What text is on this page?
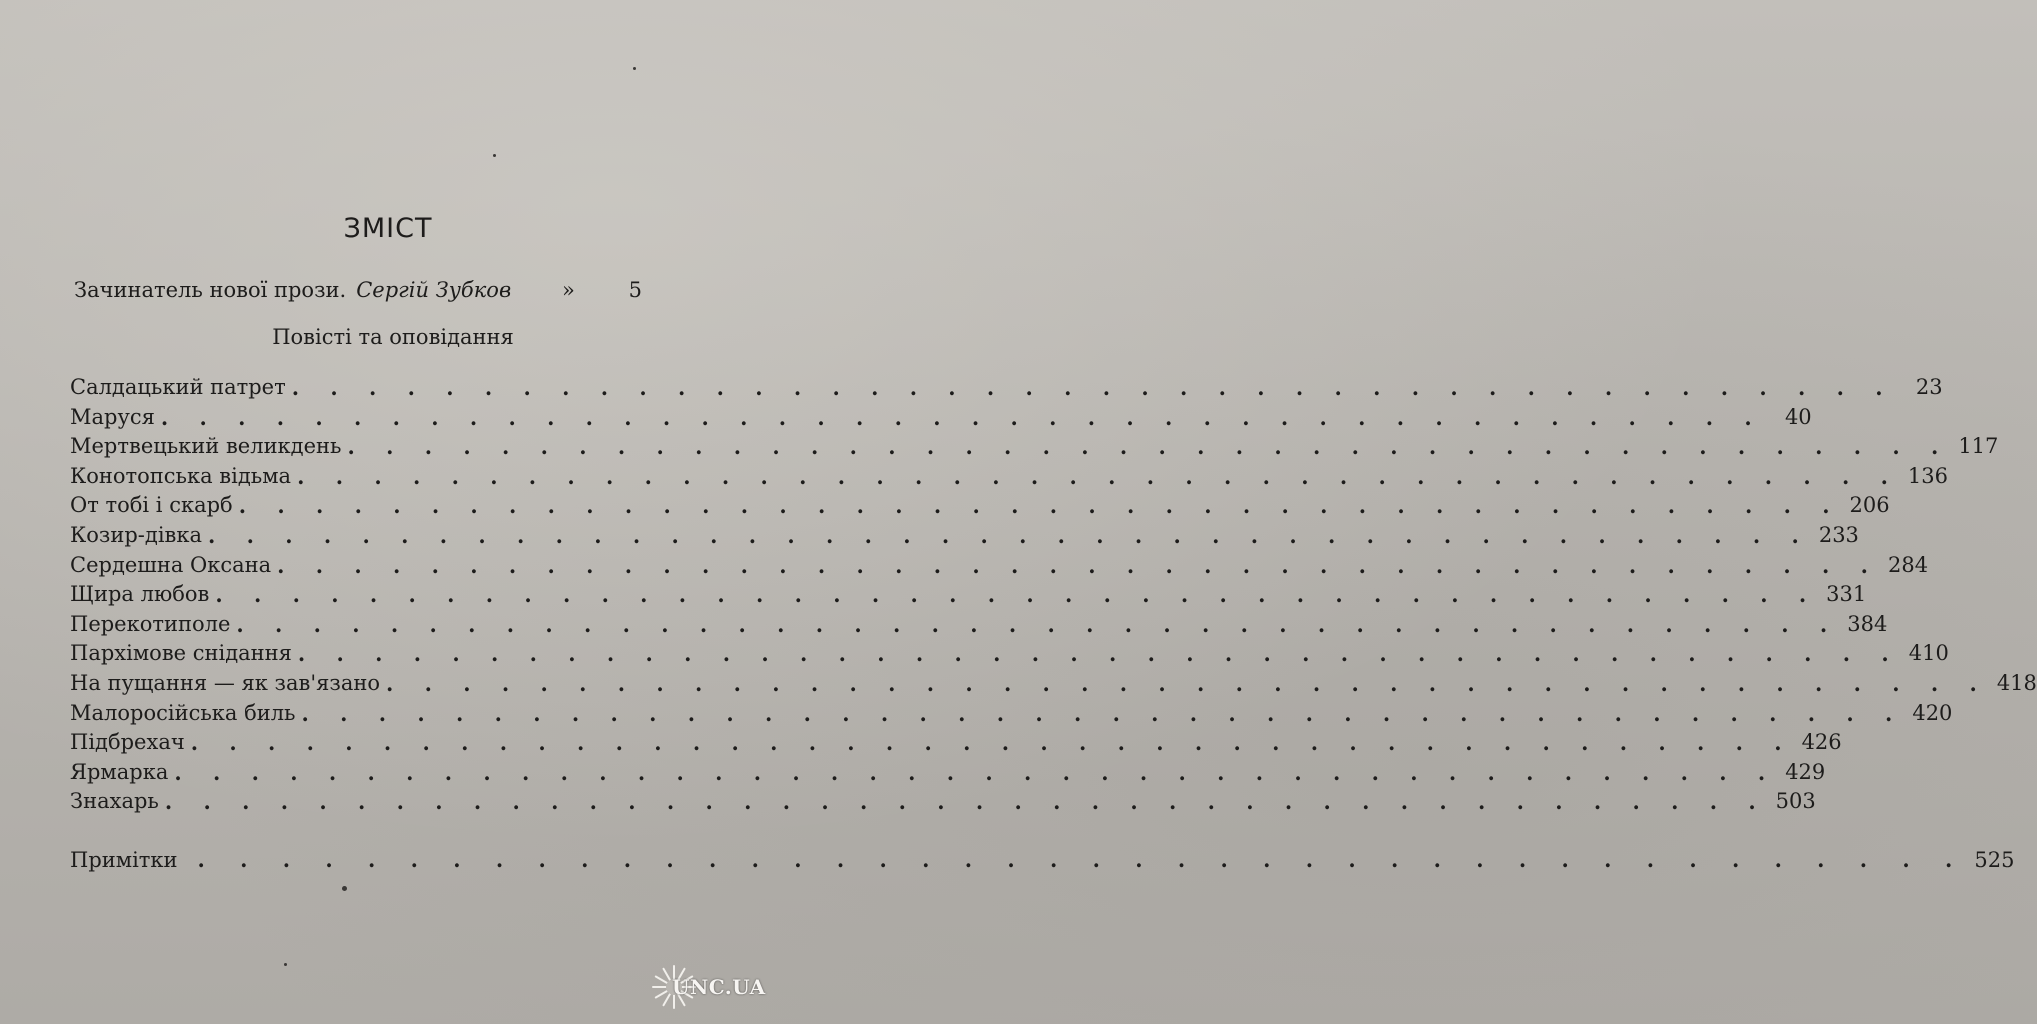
ЗМІСТ
Зачинатель нової прози. Сергій Зубков »	5
Повісті та оповідання
Салдацький патрет . . . . . . . . . . . . . . . . . . . . . . . . . . . . . . . . . . . . . . . . . .	23
Маруся . . . . . . . . . . . . . . . . . . . . . . . . . . . . . . . . . . . . . . . . . .	40
Мертвецький великдень . . . . . . . . . . . . . . . . . . . . . . . . . . . . . . . . . . . . . . . . . . 117
Конотопська відьма . . . . . . . . . . . . . . . . . . . . . . . . . . . . . . . . . . . . . . . . . . 136
От тобі і скарб . . . . . . . . . . . . . . . . . . . . . . . . . . . . . . . . . . . . . . . . . . 206
Козир-дівка . . . . . . . . . . . . . . . . . . . . . . . . . . . . . . . . . . . . . . . . . . 233
Сердешна Оксана . . . . . . . . . . . . . . . . . . . . . . . . . . . . . . . . . . . . . . . . . . 284
Щира любов . . . . . . . . . . . . . . . . . . . . . . . . . . . . . . . . . . . . . . . . . . 331
Перекотиполе . . . . . . . . . . . . . . . . . . . . . . . . . . . . . . . . . . . . . . . . . . 384
Пархімове снідання . . . . . . . . . . . . . . . . . . . . . . . . . . . . . . . . . . . . . . . . . . 410
На пущання — як зав'язано . . . . . . . . . . . . . . . . . . . . . . . . . . . . . . . . . . . . . . . . . . 418
Малоросійська биль . . . . . . . . . . . . . . . . . . . . . . . . . . . . . . . . . . . . . . . . . . 420
Підбрехач . . . . . . . . . . . . . . . . . . . . . . . . . . . . . . . . . . . . . . . . . . 426
Ярмарка . . . . . . . . . . . . . . . . . . . . . . . . . . . . . . . . . . . . . . . . . . 429
Знахарь . . . . . . . . . . . . . . . . . . . . . . . . . . . . . . . . . . . . . . . . . . 503
Примітки . . . . . . . . . . . . . . . . . . . . . . . . . . . . . . . . . . . . . . . . . . 525
UNC.UA
